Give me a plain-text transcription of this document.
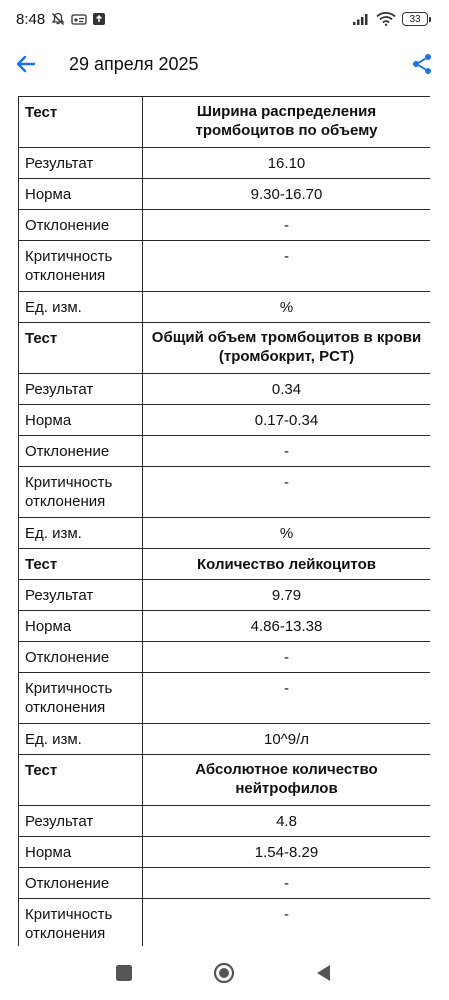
8:48	33
29 апреля 2025
Тест	Ширина распределения тромбоцитов по объему
Результат	16.10
Норма	9.30-16.70
Отклонение	-
Критичность отклонения	-
Ед. изм.	%
Тест	Общий объем тромбоцитов в крови (тромбокрит, PCT)
Результат	0.34
Норма	0.17-0.34
Отклонение	-
Критичность отклонения	-
Ед. изм.	%
Тест	Количество лейкоцитов
Результат	9.79
Норма	4.86-13.38
Отклонение	-
Критичность отклонения	-
Ед. изм.	10^9/л
Тест	Абсолютное количество нейтрофилов
Результат	4.8
Норма	1.54-8.29
Отклонение	-
Критичность отклонения	-
